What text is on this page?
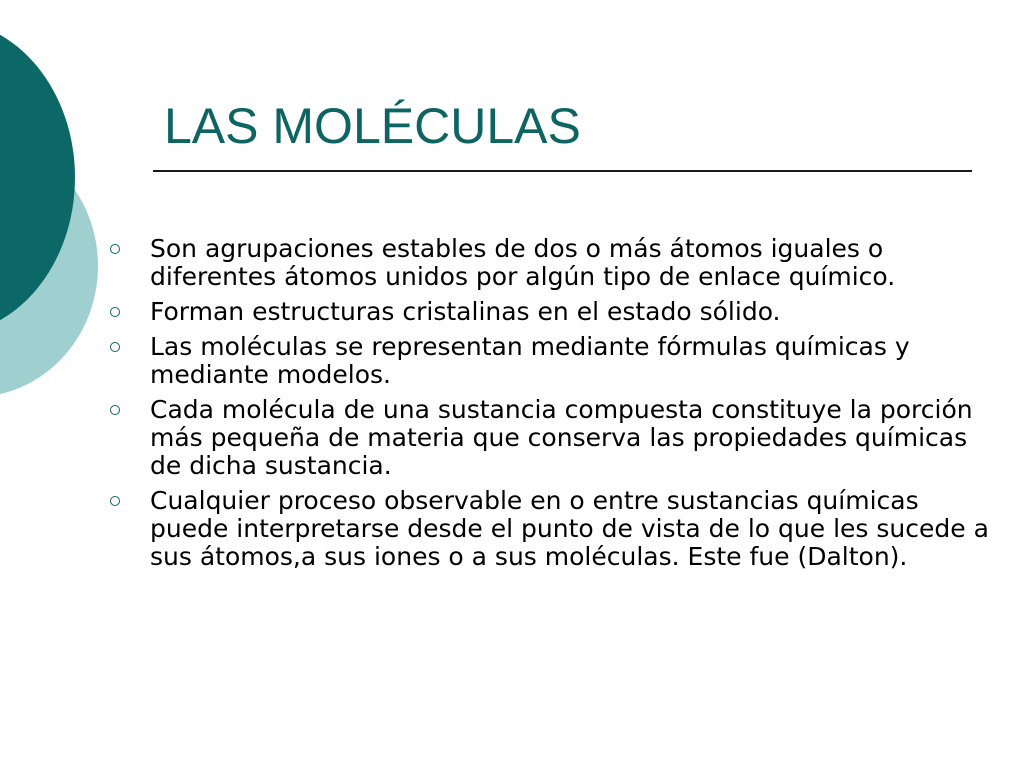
LAS MOLÉCULAS
Son agrupaciones estables de dos o más átomos iguales o diferentes átomos unidos por algún tipo de enlace químico.
Forman estructuras cristalinas en el estado sólido.
Las moléculas se representan mediante fórmulas químicas y mediante modelos.
Cada molécula de una sustancia compuesta constituye la porción más pequeña de materia que conserva las propiedades químicas de dicha sustancia.
Cualquier proceso observable en o entre sustancias químicas puede interpretarse desde el punto de vista de lo que les sucede a sus átomos,a sus iones o a sus moléculas. Este fue (Dalton).
